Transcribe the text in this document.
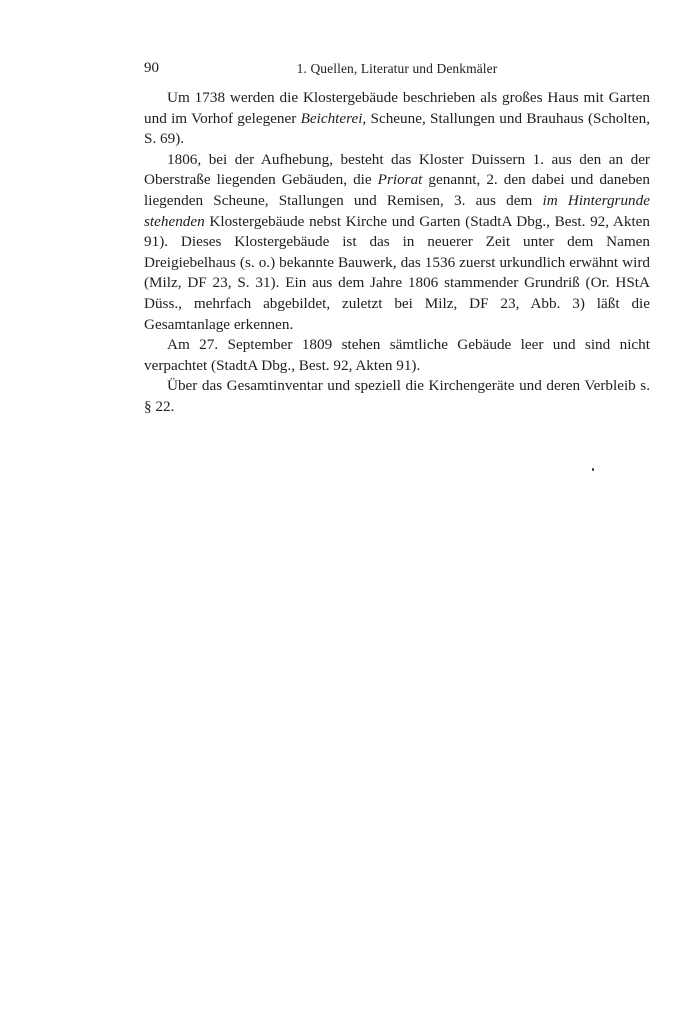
90	1. Quellen, Literatur und Denkmäler

Um 1738 werden die Klostergebäude beschrieben als großes Haus mit Garten und im Vorhof gelegener Beichterei, Scheune, Stallungen und Brauhaus (Scholten, S. 69).

1806, bei der Aufhebung, besteht das Kloster Duissern 1. aus den an der Oberstraße liegenden Gebäuden, die Priorat genannt, 2. den dabei und daneben liegenden Scheune, Stallungen und Remisen, 3. aus dem im Hintergrunde stehenden Klostergebäude nebst Kirche und Garten (StadtA Dbg., Best. 92, Akten 91). Dieses Klostergebäude ist das in neuerer Zeit unter dem Namen Dreigiebelhaus (s. o.) bekannte Bauwerk, das 1536 zuerst urkundlich erwähnt wird (Milz, DF 23, S. 31). Ein aus dem Jahre 1806 stammender Grundriß (Or. HStA Düss., mehrfach abgebildet, zuletzt bei Milz, DF 23, Abb. 3) läßt die Gesamtanlage erkennen.

Am 27. September 1809 stehen sämtliche Gebäude leer und sind nicht verpachtet (StadtA Dbg., Best. 92, Akten 91).

Über das Gesamtinventar und speziell die Kirchengeräte und deren Verbleib s. § 22.
